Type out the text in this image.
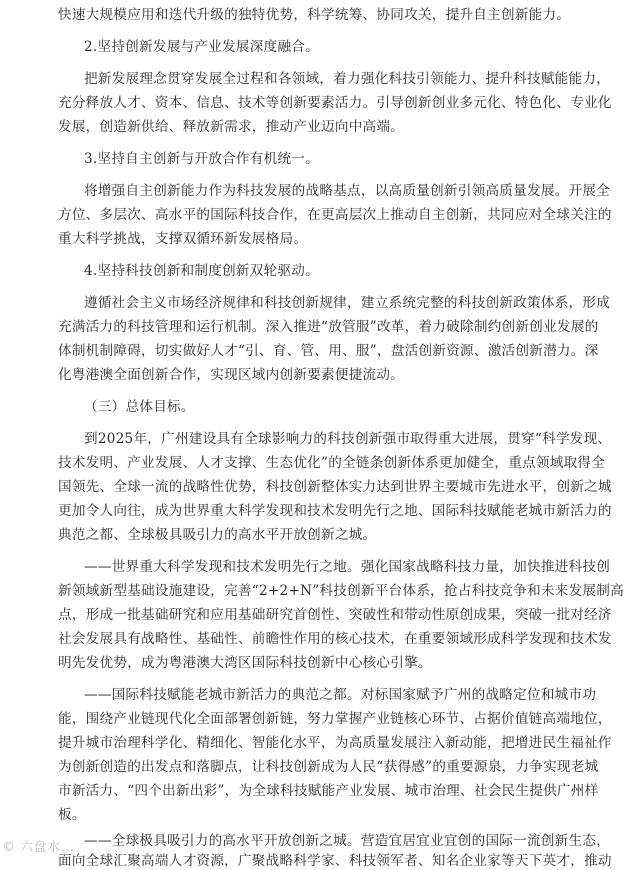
快速大规模应用和迭代升级的独特优势，科学统筹、协同攻关，提升自主创新能力。
2.坚持创新发展与产业发展深度融合。
把新发展理念贯穿发展全过程和各领域，着力强化科技引领能力、提升科技赋能能力，
充分释放人才、资本、信息、技术等创新要素活力。引导创新创业多元化、特色化、专业化
发展，创造新供给、释放新需求，推动产业迈向中高端。
3.坚持自主创新与开放合作有机统一。
将增强自主创新能力作为科技发展的战略基点，以高质量创新引领高质量发展。开展全
方位、多层次、高水平的国际科技合作，在更高层次上推动自主创新，共同应对全球关注的
重大科学挑战，支撑双循环新发展格局。
4.坚持科技创新和制度创新双轮驱动。
遵循社会主义市场经济规律和科技创新规律，建立系统完整的科技创新政策体系，形成
充满活力的科技管理和运行机制。深入推进“放管服”改革，着力破除制约创新创业发展的
体制机制障碍，切实做好人才“引、育、管、用、服”，盘活创新资源、激活创新潜力。深
化粤港澳全面创新合作，实现区域内创新要素便捷流动。
（三）总体目标。
到2025年，广州建设具有全球影响力的科技创新强市取得重大进展，贯穿“科学发现、
技术发明、产业发展、人才支撑、生态优化”的全链条创新体系更加健全，重点领域取得全
国领先、全球一流的战略性优势，科技创新整体实力达到世界主要城市先进水平，创新之城
更加令人向往，成为世界重大科学发现和技术发明先行之地、国际科技赋能老城市新活力的
典范之都、全球极具吸引力的高水平开放创新之城。
——世界重大科学发现和技术发明先行之地。强化国家战略科技力量，加快推进科技创
新领域新型基础设施建设，完善“2+2+N”科技创新平台体系，抢占科技竞争和未来发展制高
点，形成一批基础研究和应用基础研究首创性、突破性和带动性原创成果，突破一批对经济
社会发展具有战略性、基础性、前瞻性作用的核心技术，在重要领域形成科学发现和技术发
明先发优势，成为粤港澳大湾区国际科技创新中心核心引擎。
——国际科技赋能老城市新活力的典范之都。对标国家赋予广州的战略定位和城市功
能，围绕产业链现代化全面部署创新链，努力掌握产业链核心环节、占据价值链高端地位，
提升城市治理科学化、精细化、智能化水平，为高质量发展注入新动能，把增进民生福祉作
为创新创造的出发点和落脚点，让科技创新成为人民“获得感”的重要源泉，力争实现老城
市新活力、“四个出新出彩”，为全球科技赋能产业发展、城市治理、社会民生提供广州样
板。
——全球极具吸引力的高水平开放创新之城。营造宜居宜业宜创的国际一流创新生态，
面向全球汇聚高端人才资源，广聚战略科学家、科技领军者、知名企业家等天下英才，推动
© 六盘水...
